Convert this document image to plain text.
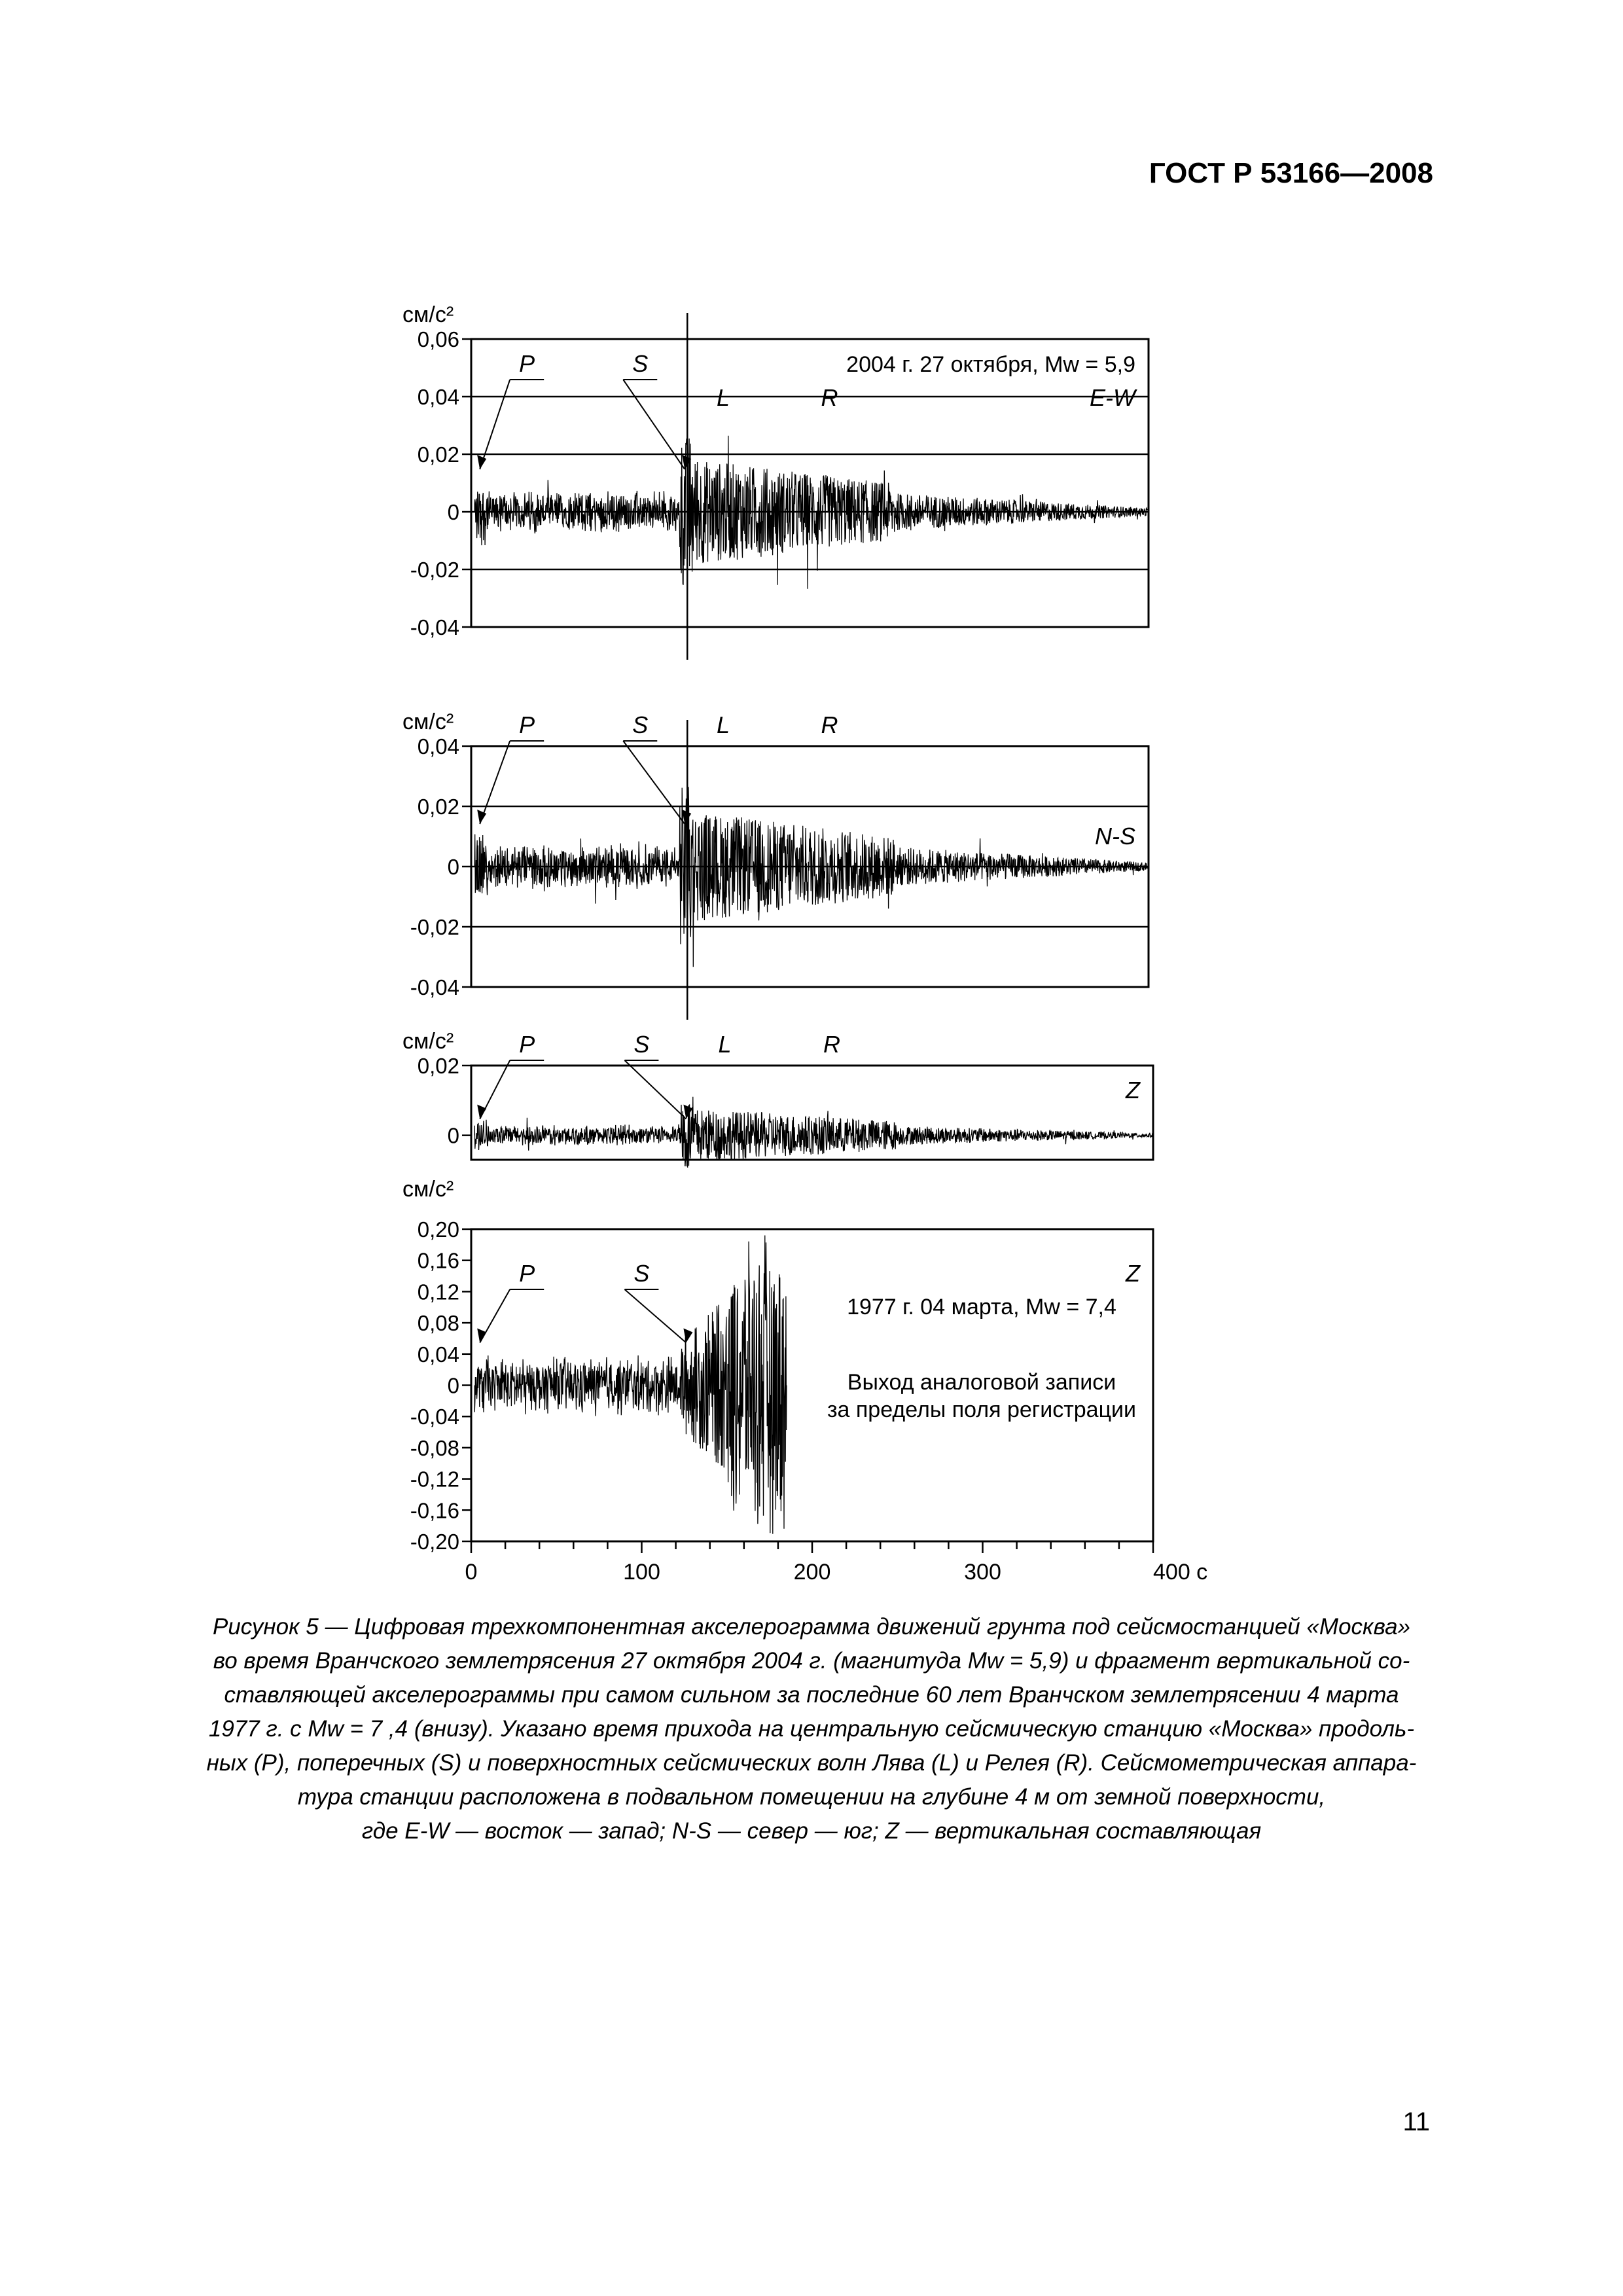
ГОСТ Р 53166—2008
см/с²
0,06
0,04
0,02
0
-0,02
-0,04
P	S
L	R	E-W
2004 г. 27 октября, Mw = 5,9
см/с²
0,04
0,02
0
-0,02
-0,04
P	S	L	R
N-S
см/с²
0,02
0
P	S	L	R
Z
см/с²
0,20
0,16
0,12
0,08
0,04
0
-0,04
-0,08
-0,12
-0,16
-0,20
P	S	Z
1977 г. 04 марта, Mw = 7,4
Выход аналоговой записи
за пределы поля регистрации
0	100	200	300	400 с
Рисунок 5 — Цифровая трехкомпонентная акселерограмма движений грунта под сейсмостанцией «Москва»
во время Вранчского землетрясения 27 октября 2004 г. (магнитуда Mw = 5,9) и фрагмент вертикальной со-
ставляющей акселерограммы при самом сильном за последние 60 лет Вранчском землетрясении 4 марта
1977 г. с Mw = 7 ,4 (внизу). Указано время прихода на центральную сейсмическую станцию «Москва» продоль-
ных (P), поперечных (S) и поверхностных сейсмических волн Лява (L) и Релея (R). Сейсмометрическая аппара-
тура станции расположена в подвальном помещении на глубине 4 м от земной поверхности,
где E-W — восток — запад; N-S — север — юг; Z — вертикальная составляющая
11
